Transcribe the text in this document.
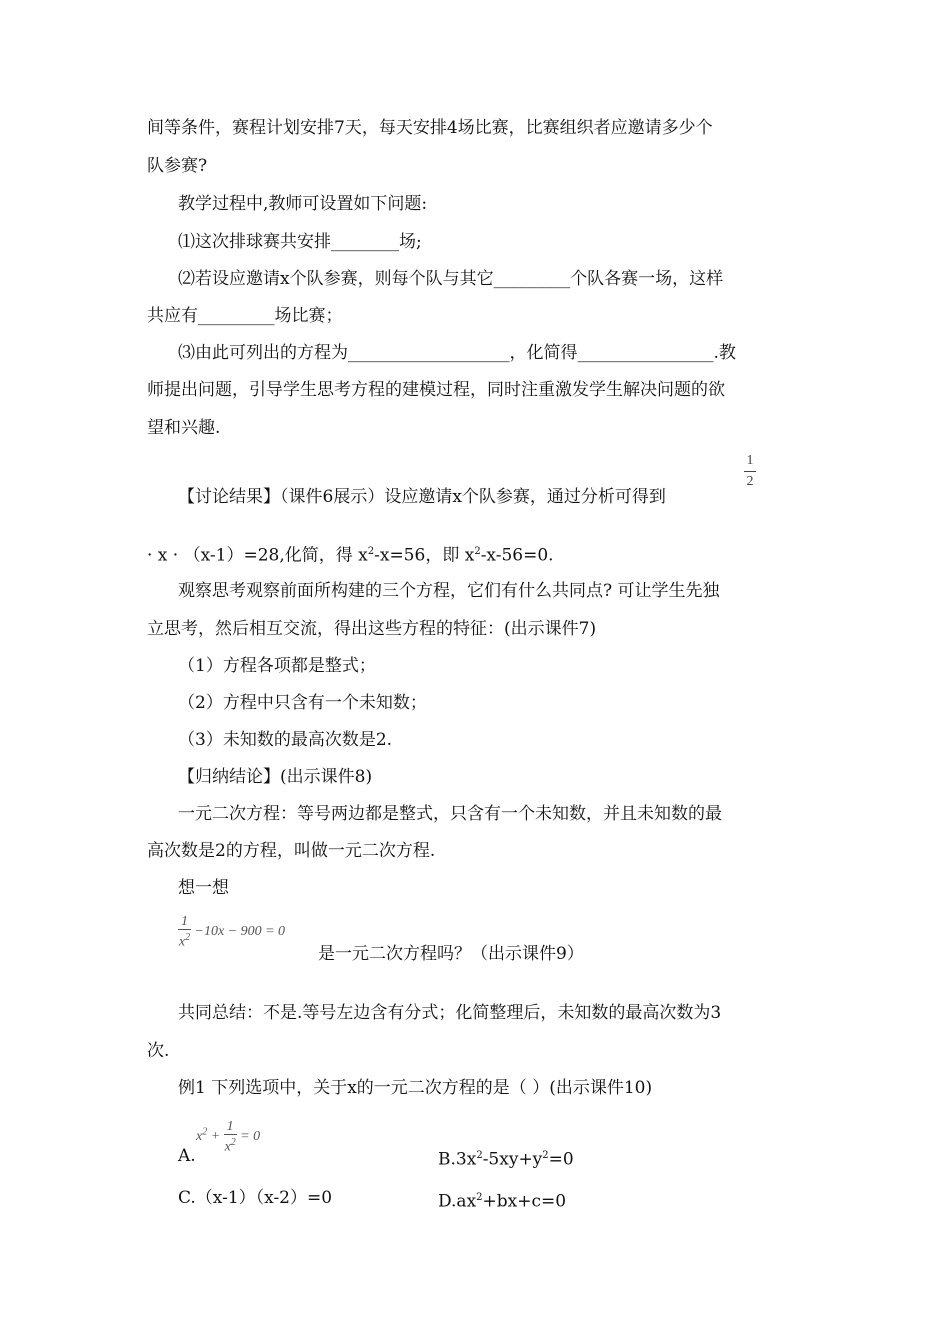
间等条件，赛程计划安排7天，每天安排4场比赛，比赛组织者应邀请多少个
队参赛?
教学过程中,教师可设置如下问题:
⑴这次排球赛共安排________场;
⑵若设应邀请x个队参赛，则每个队与其它_________个队各赛一场，这样
共应有_________场比赛；
⑶由此可列出的方程为___________________，化简得________________.教
师提出问题，引导学生思考方程的建模过程，同时注重激发学生解决问题的欲
望和兴趣.
【讨论结果】（课件6展示）设应邀请x个队参赛，通过分析可得到
1
2
· x · （x-1）=28,化简，得 $x^2-x=56$，即 $x^2-x-56=0$.
观察思考观察前面所构建的三个方程，它们有什么共同点? 可让学生先独
立思考，然后相互交流，得出这些方程的特征：(出示课件7)
（1）方程各项都是整式；
（2）方程中只含有一个未知数；
（3）未知数的最高次数是2.
【归纳结论】(出示课件8)
一元二次方程：等号两边都是整式，只含有一个未知数，并且未知数的最
高次数是2的方程，叫做一元二次方程.
想一想
$\frac{1}{x^2} -10x - 900 = 0$
是一元二次方程吗？（出示课件9）
共同总结：不是.等号左边含有分式；化简整理后，未知数的最高次数为3
次.
例1 下列选项中，关于x的一元二次方程的是（ ）(出示课件10)
$x^2 + \frac{1}{x^2} = 0$
A.	$B.3x^2-5xy+y^2=0$
C.（x-1）（x-2）=0	$D.ax^2+bx+c=0$
